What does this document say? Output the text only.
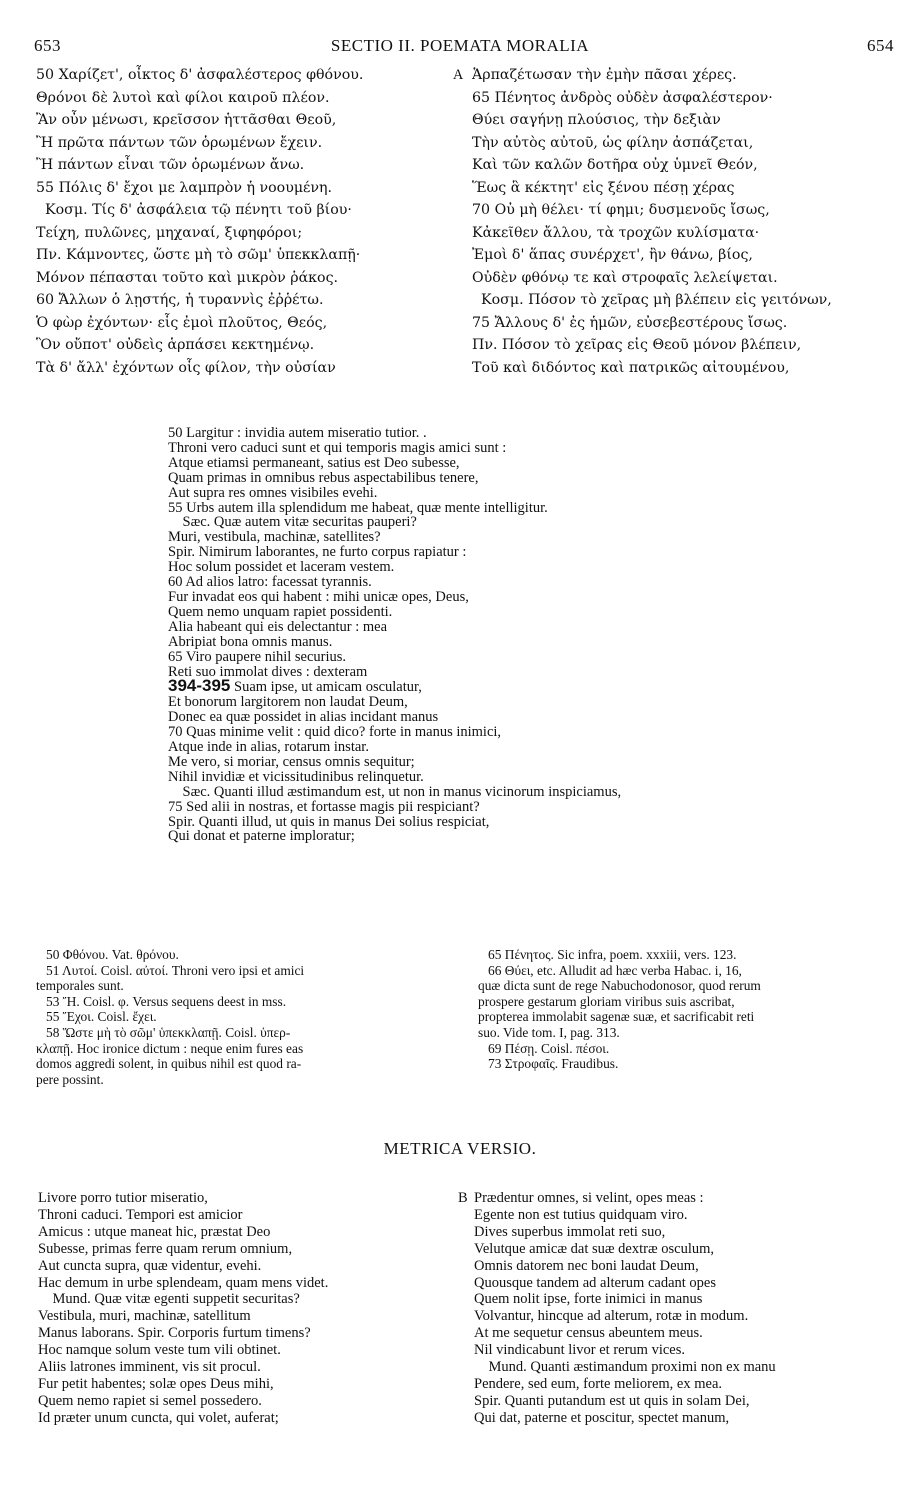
653	SECTIO II. POEMATA MORALIA	654
50 Χαρίζετ', οἶκτος δ' ἀσφαλέστερος φθόνου.
Θρόνοι δὲ λυτοὶ καὶ φίλοι καιροῦ πλέον.
Ἂν οὖν μένωσι, κρεῖσσον ἡττᾶσθαι Θεοῦ,
Ἢ πρῶτα πάντων τῶν ὁρωμένων ἔχειν.
Ἢ πάντων εἶναι τῶν ὁρωμένων ἄνω.
55 Πόλις δ' ἔχοι με λαμπρὸν ἡ νοουμένη.
Κοσμ. Τίς δ' ἀσφάλεια τῷ πένητι τοῦ βίου·
Τείχη, πυλῶνες, μηχαναί, ξιφηφόροι;
Πν. Κάμνοντες, ὥστε μὴ τὸ σῶμ' ὑπεκκλαπῇ·
Μόνον πέπασται τοῦτο καὶ μικρὸν ῥάκος.
60 Ἄλλων ὁ λῃστής, ἡ τυραννὶς ἐῤῥέτω.
Ὁ φὼρ ἐχόντων· εἷς ἐμοὶ πλοῦτος, Θεός,
Ὃν οὔποτ' οὐδεὶς ἁρπάσει κεκτημένῳ.
Τὰ δ' ἄλλ' ἐχόντων οἷς φίλον, τὴν οὐσίαν
A Ἁρπαζέτωσαν τὴν ἐμὴν πᾶσαι χέρες.
65 Πένητος ἀνδρὸς οὐδὲν ἀσφαλέστερον·
Θύει σαγήνῃ πλούσιος, τὴν δεξιὰν
Τὴν αὐτὸς αὐτοῦ, ὡς φίλην ἀσπάζεται,
Καὶ τῶν καλῶν δοτῆρα οὐχ ὑμνεῖ Θεόν,
Ἕως ἃ κέκτητ' εἰς ξένου πέσῃ χέρας
70 Οὐ μὴ θέλει· τί φημι; δυσμενοῦς ἴσως,
Κἀκεῖθεν ἄλλου, τὰ τροχῶν κυλίσματα·
Ἐμοὶ δ' ἅπας συνέρχετ', ἢν θάνω, βίος,
Οὐδὲν φθόνῳ τε καὶ στροφαῖς λελείψεται.
Κοσμ. Πόσον τὸ χεῖρας μὴ βλέπειν εἰς γειτόνων,
75 Ἄλλους δ' ἐς ἡμῶν, εὐσεβεστέρους ἴσως.
Πν. Πόσον τὸ χεῖρας εἰς Θεοῦ μόνον βλέπειν,
Τοῦ καὶ διδόντος καὶ πατρικῶς αἰτουμένου,
50 Largitur : invidia autem miseratio tutior. .
Throni vero caduci sunt et qui temporis magis amici sunt :
Atque etiamsi permaneant, satius est Deo subesse,
Quam primas in omnibus rebus aspectabilibus tenere,
Aut supra res omnes visibiles evehi.
55 Urbs autem illa splendidum me habeat, quæ mente intelligitur.
Sæc. Quæ autem vitæ securitas pauperi?
Muri, vestibula, machinæ, satellites?
Spir. Nimirum laborantes, ne furto corpus rapiatur :
Hoc solum possidet et laceram vestem.
60 Ad alios latro: facessat tyrannis.
Fur invadat eos qui habent : mihi unicæ opes, Deus,
Quem nemo unquam rapiet possidenti.
Alia habeant qui eis delectantur : mea
Abripiat bona omnis manus.
65 Viro paupere nihil securius.
Reti suo immolat dives : dexteram
394-395 Suam ipse, ut amicam osculatur,
Et bonorum largitorem non laudat Deum,
Donec ea quæ possidet in alias incidant manus
70 Quas minime velit : quid dico? forte in manus inimici,
Atque inde in alias, rotarum instar.
Me vero, si moriar, census omnis sequitur;
Nihil invidiæ et vicissitudinibus relinquetur.
Sæc. Quanti illud æstimandum est, ut non in manus vicinorum inspiciamus,
75 Sed alii in nostras, et fortasse magis pii respiciant?
Spir. Quanti illud, ut quis in manus Dei solius respiciat,
Qui donat et paterne imploratur;
50 Φθόνου. Vat. θρόνου.
51 Λυτοί. Coisl. αὐτοί. Throni vero ipsi et amici
temporales sunt.
53 Ἤ. Coisl. φ. Versus sequens deest in mss.
55 Ἔχοι. Coisl. ἔχει.
58 Ὥστε μὴ τὸ σῶμ' ὑπεκκλαπῇ. Coisl. ὑπερ-
κλαπῇ. Hoc ironice dictum : neque enim fures eas
domos aggredi solent, in quibus nihil est quod ra-
pere possint.
65 Πένητος. Sic infra, poem. xxxiii, vers. 123.
66 Θύει, etc. Alludit ad hæc verba Habac. i, 16,
quæ dicta sunt de rege Nabuchodonosor, quod rerum
prospere gestarum gloriam viribus suis ascribat,
propterea immolabit sagenæ suæ, et sacrificabit reti
suo. Vide tom. I, pag. 313.
69 Πέσῃ. Coisl. πέσοι.
73 Στροφαῖς. Fraudibus.
METRICA VERSIO.
Livore porro tutior miseratio,
Throni caduci. Tempori est amicior
Amicus : utque maneat hic, præstat Deo
Subesse, primas ferre quam rerum omnium,
Aut cuncta supra, quæ videntur, evehi.
Hac demum in urbe splendeam, quam mens videt.
Mund. Quæ vitæ egenti suppetit securitas?
Vestibula, muri, machinæ, satellitum
Manus laborans. Spir. Corporis furtum timens?
Hoc namque solum veste tum vili obtinet.
Aliis latrones imminent, vis sit procul.
Fur petit habentes; solæ opes Deus mihi,
Quem nemo rapiet si semel possedero.
Id præter unum cuncta, qui volet, auferat;
B Prædentur omnes, si velint, opes meas :
Egente non est tutius quidquam viro.
Dives superbus immolat reti suo,
Velutque amicæ dat suæ dextræ osculum,
Omnis datorem nec boni laudat Deum,
Quousque tandem ad alterum cadant opes
Quem nolit ipse, forte inimici in manus
Volvantur, hincque ad alterum, rotæ in modum.
At me sequetur census abeuntem meus.
Nil vindicabunt livor et rerum vices.
Mund. Quanti æstimandum proximi non ex manu
Pendere, sed eum, forte meliorem, ex mea.
Spir. Quanti putandum est ut quis in solam Dei,
Qui dat, paterne et poscitur, spectet manum,
